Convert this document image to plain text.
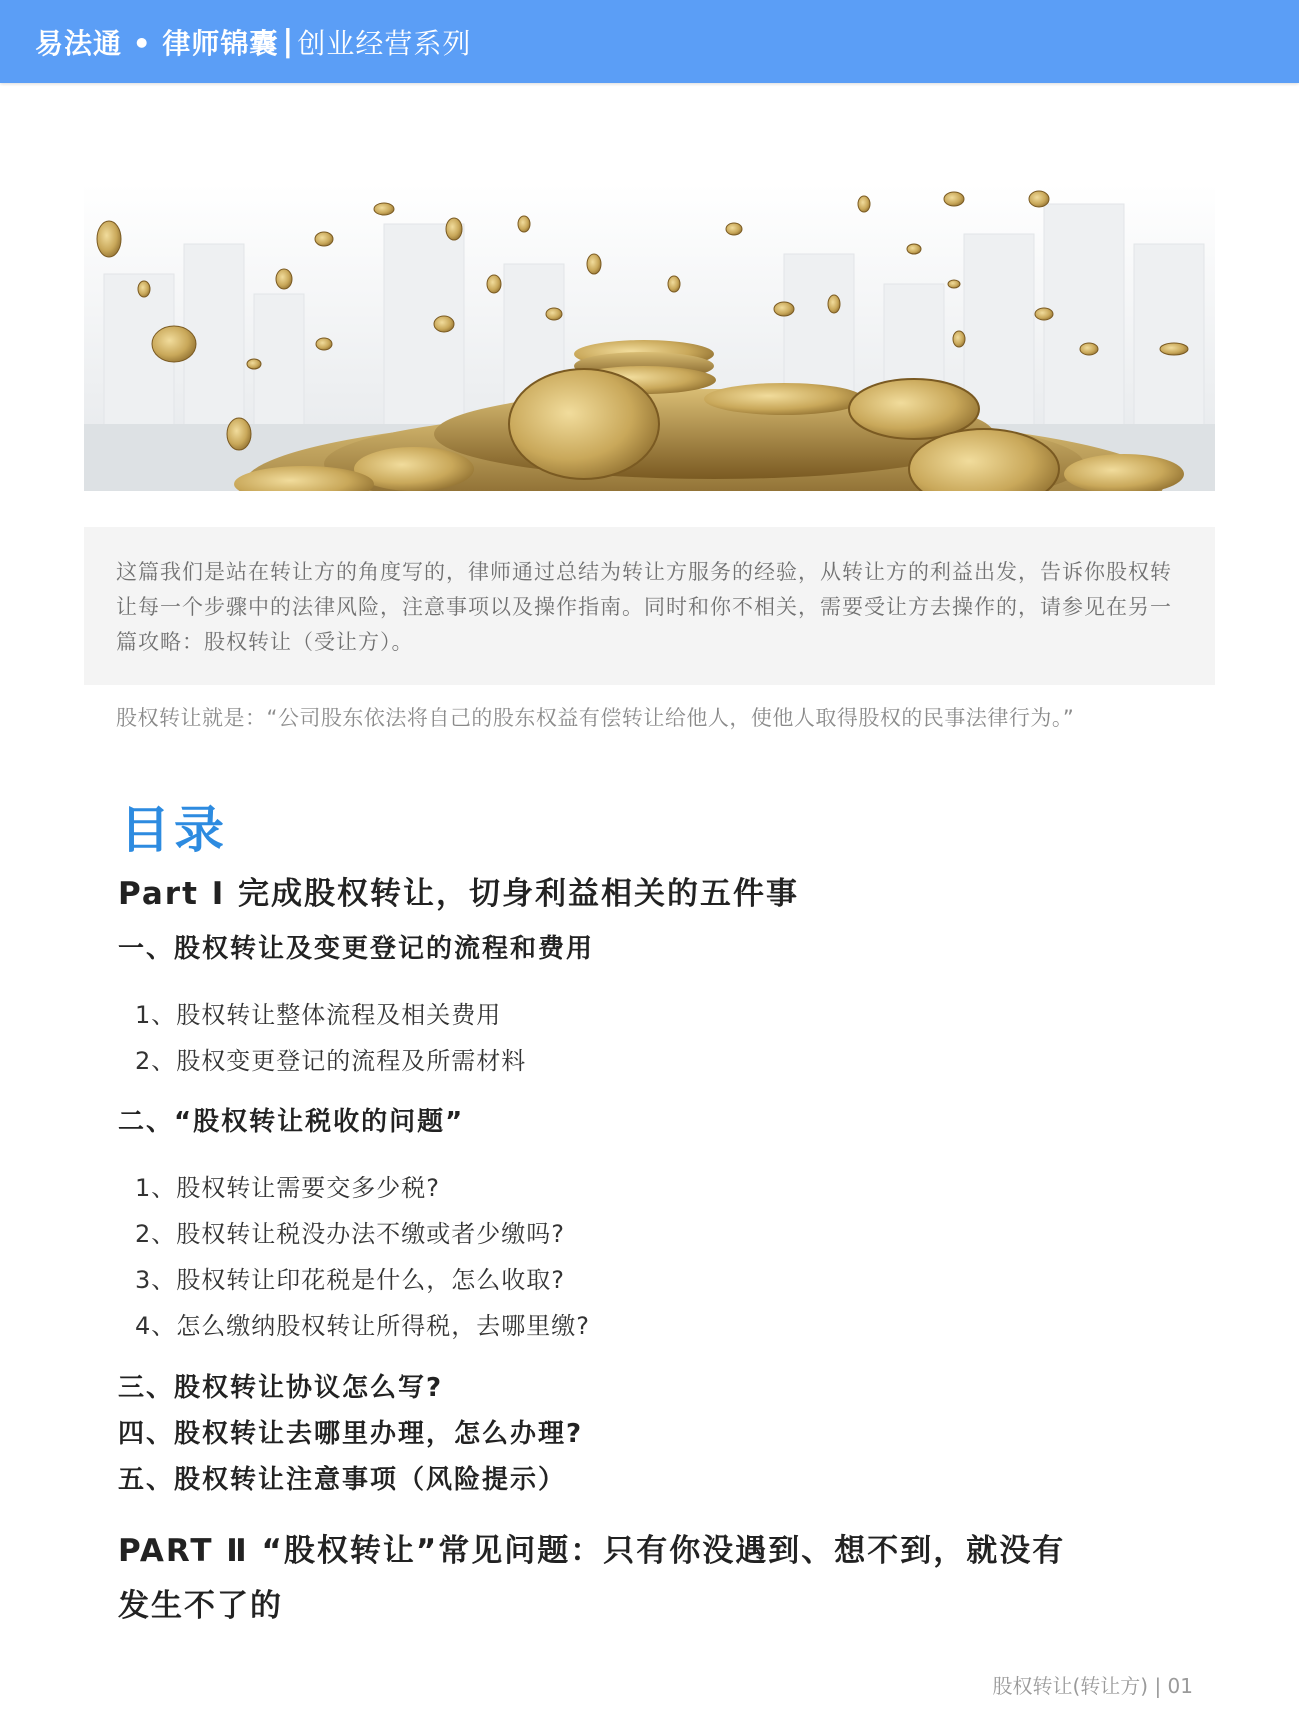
易法通 • 律师锦囊 | 创业经营系列
这篇我们是站在转让方的角度写的，律师通过总结为转让方服务的经验，从转让方的利益出发，告诉你股权转让每一个步骤中的法律风险，注意事项以及操作指南。同时和你不相关，需要受让方去操作的，请参见在另一篇攻略：股权转让（受让方）。
股权转让就是：“公司股东依法将自己的股东权益有偿转让给他人，使他人取得股权的民事法律行为。”
目录
Part Ⅰ 完成股权转让，切身利益相关的五件事
一、股权转让及变更登记的流程和费用
1、股权转让整体流程及相关费用
2、股权变更登记的流程及所需材料
二、“股权转让税收的问题”
1、股权转让需要交多少税?
2、股权转让税没办法不缴或者少缴吗?
3、股权转让印花税是什么，怎么收取?
4、怎么缴纳股权转让所得税，去哪里缴?
三、股权转让协议怎么写?
四、股权转让去哪里办理，怎么办理?
五、股权转让注意事项（风险提示）
PART Ⅱ “股权转让”常见问题：只有你没遇到、想不到，就没有
发生不了的
股权转让(转让方) | 01
